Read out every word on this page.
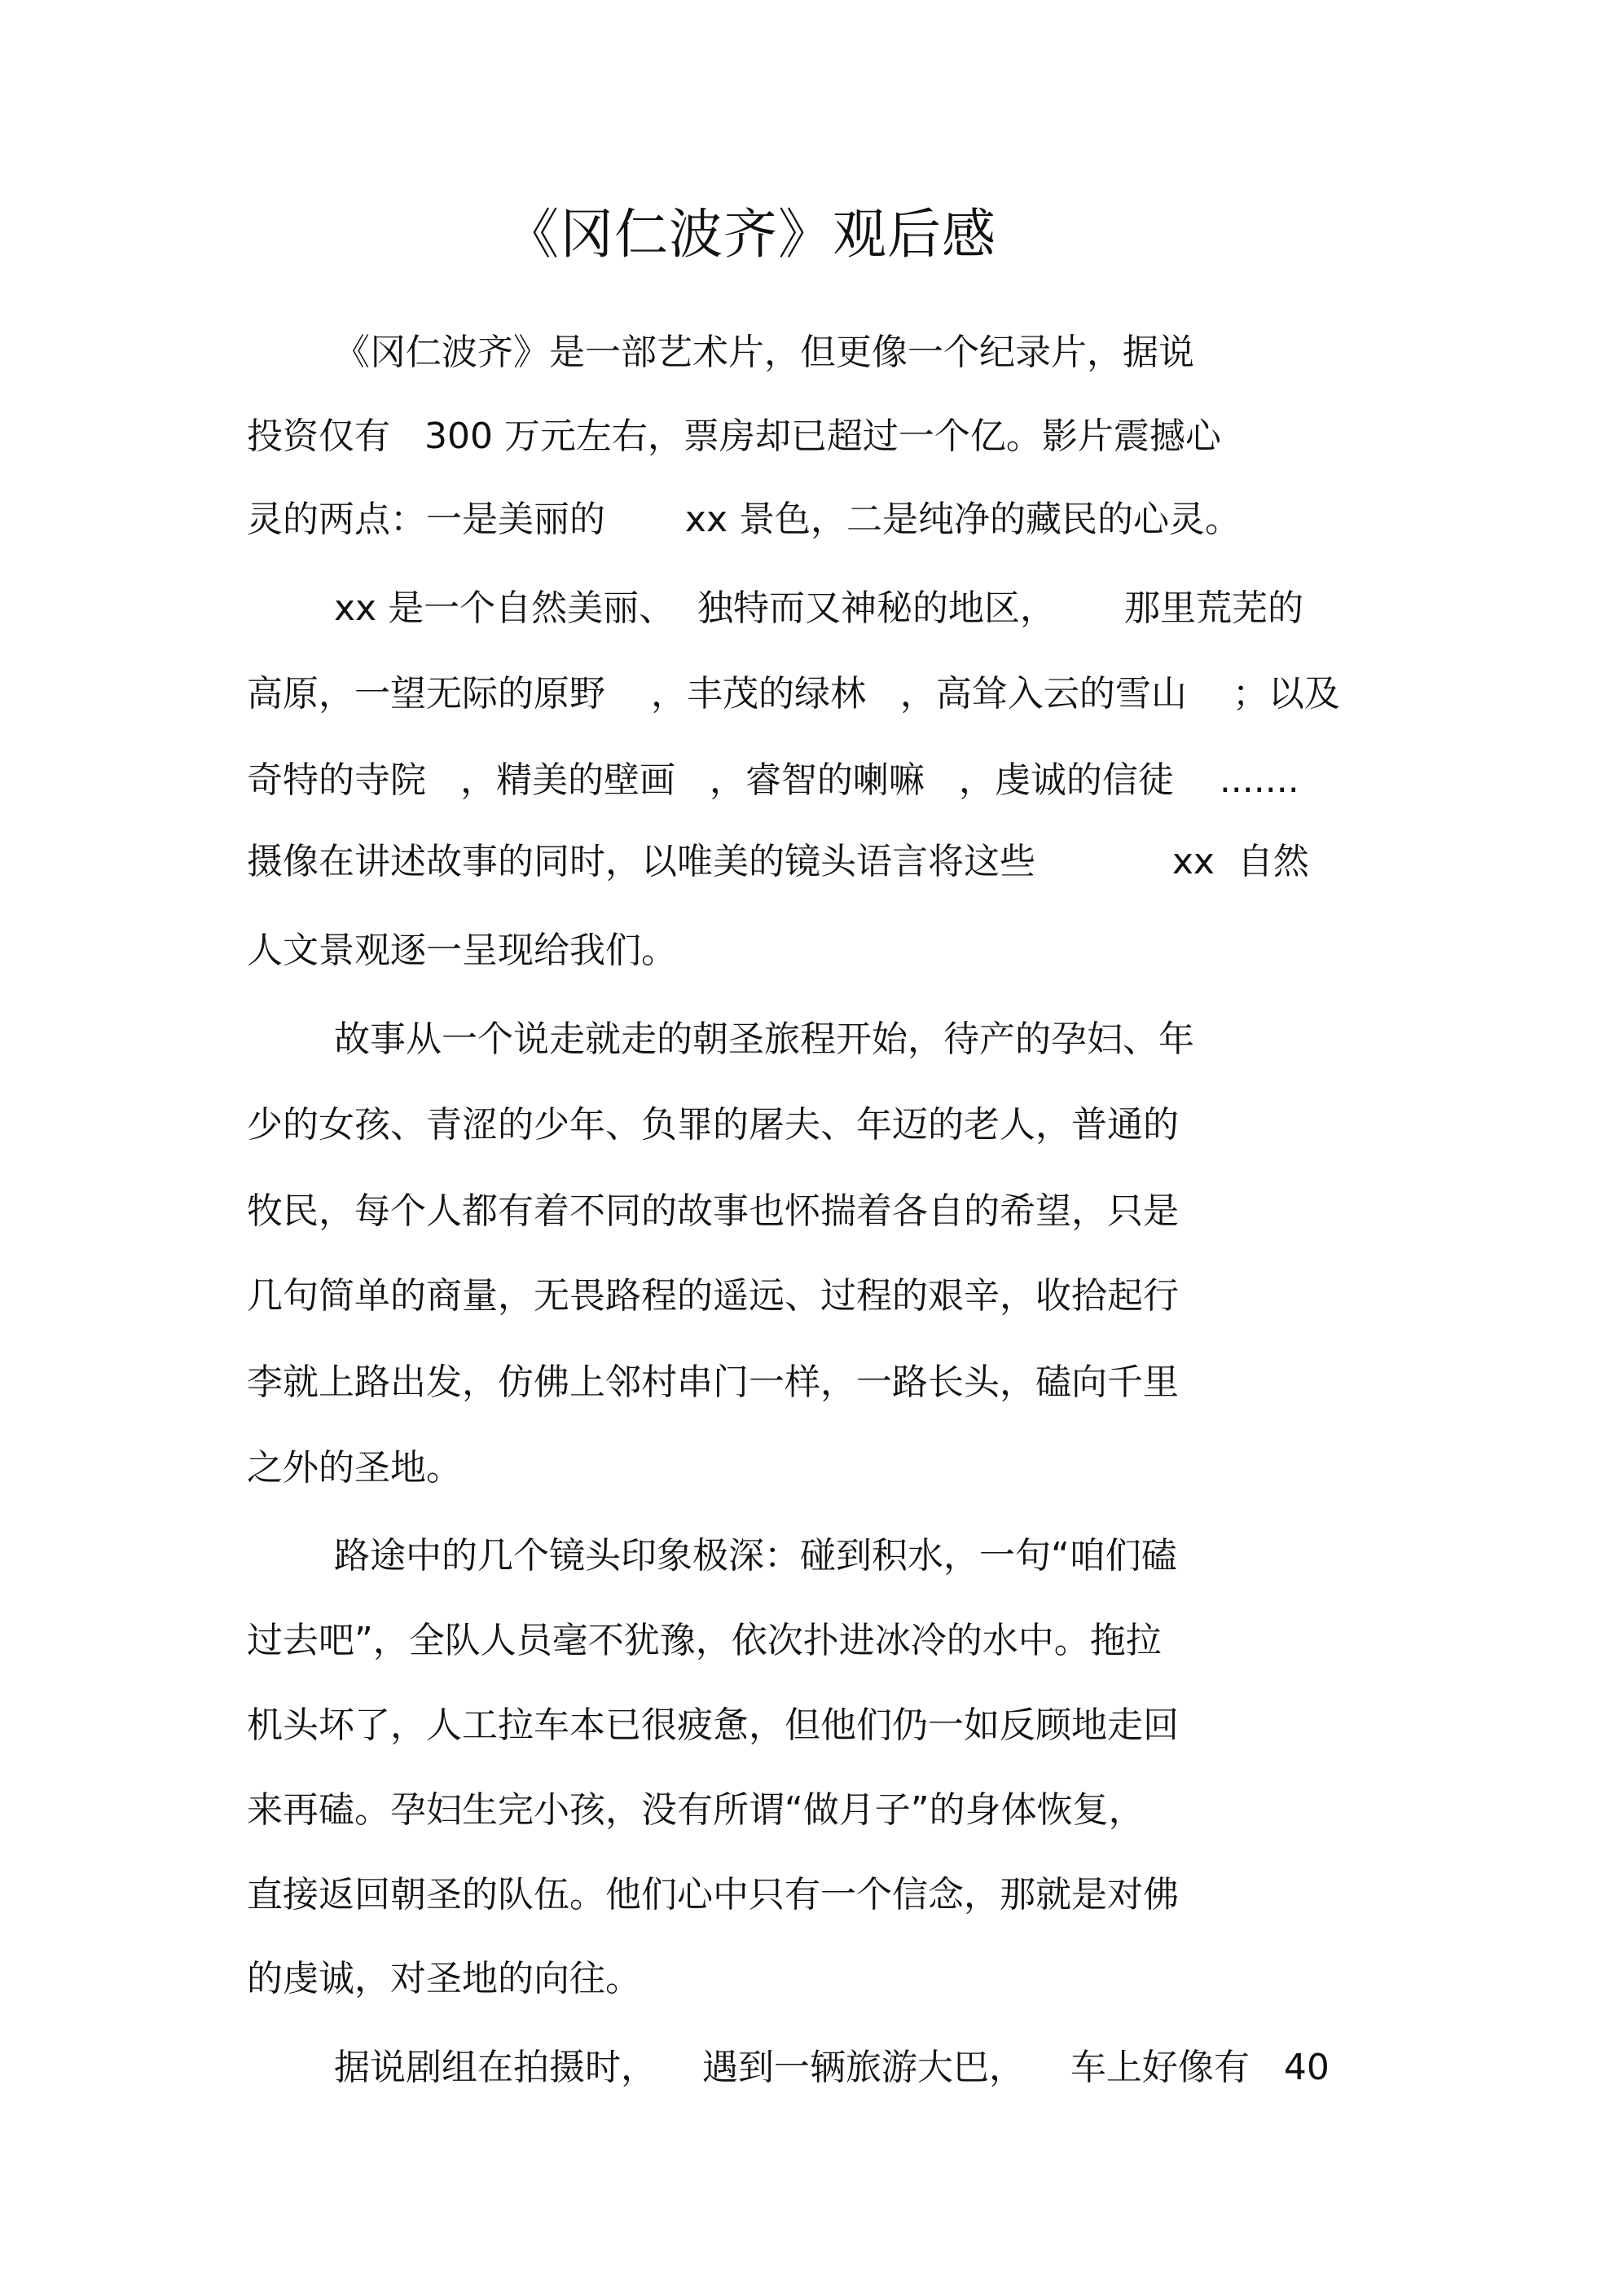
《冈仁波齐》观后感
《冈仁波齐》是一部艺术片，但更像一个纪录片，据说
投资仅有   300 万元左右，票房却已超过一个亿。影片震撼心
灵的两点：一是美丽的       xx 景色，二是纯净的藏民的心灵。
xx 是一个自然美丽、  独特而又神秘的地区，      那里荒芜的
高原，一望无际的原野    ，丰茂的绿林   ，高耸入云的雪山    ；以及
奇特的寺院   ，精美的壁画   ，睿智的喇嘛   ，虔诚的信徒    .......
摄像在讲述故事的同时，以唯美的镜头语言将这些            xx  自然
人文景观逐一呈现给我们。
故事从一个说走就走的朝圣旅程开始，待产的孕妇、年
少的女孩、青涩的少年、负罪的屠夫、年迈的老人，普通的
牧民，每个人都有着不同的故事也怀揣着各自的希望，只是
几句简单的商量，无畏路程的遥远、过程的艰辛，收拾起行
李就上路出发，仿佛上邻村串门一样，一路长头，磕向千里
之外的圣地。
路途中的几个镜头印象极深：碰到积水，一句“咱们磕
过去吧”，全队人员毫不犹豫，依次扑进冰冷的水中。拖拉
机头坏了，人工拉车本已很疲惫，但他们仍一如反顾地走回
来再磕。孕妇生完小孩，没有所谓“做月子”的身体恢复，
直接返回朝圣的队伍。他们心中只有一个信念，那就是对佛
的虔诚，对圣地的向往。
据说剧组在拍摄时，    遇到一辆旅游大巴，    车上好像有   40
